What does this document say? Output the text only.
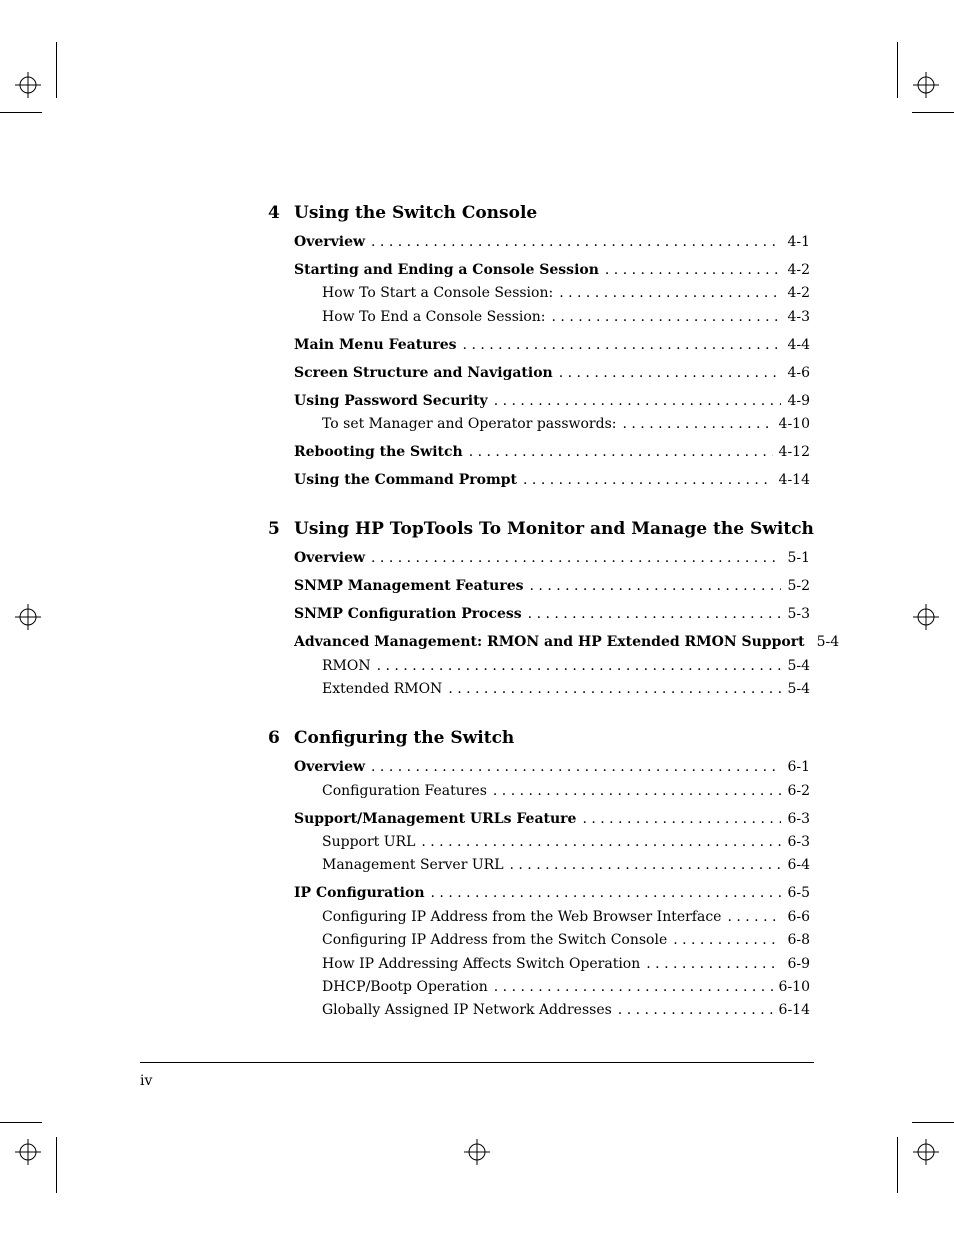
4 Using the Switch Console
Overview . . .	4-1
Starting and Ending a Console Session . . .	4-2
How To Start a Console Session: . . .	4-2
How To End a Console Session: . . .	4-3
Main Menu Features . . .	4-4
Screen Structure and Navigation . . .	4-6
Using Password Security . . .	4-9
To set Manager and Operator passwords: . . .	4-10
Rebooting the Switch . . .	4-12
Using the Command Prompt . . .	4-14
5 Using HP TopTools To Monitor and Manage the Switch
Overview . . .	5-1
SNMP Management Features . . .	5-2
SNMP Configuration Process . . .	5-3
Advanced Management: RMON and HP Extended RMON Support 5-4
RMON . . .	5-4
Extended RMON . . .	5-4
6 Configuring the Switch
Overview . . .	6-1
Configuration Features . . .	6-2
Support/Management URLs Feature . . .	6-3
Support URL . . .	6-3
Management Server URL . . .	6-4
IP Configuration . . .	6-5
Configuring IP Address from the Web Browser Interface . . .	6-6
Configuring IP Address from the Switch Console . . .	6-8
How IP Addressing Affects Switch Operation . . .	6-9
DHCP/Bootp Operation . . .	6-10
Globally Assigned IP Network Addresses . . .	6-14
iv
